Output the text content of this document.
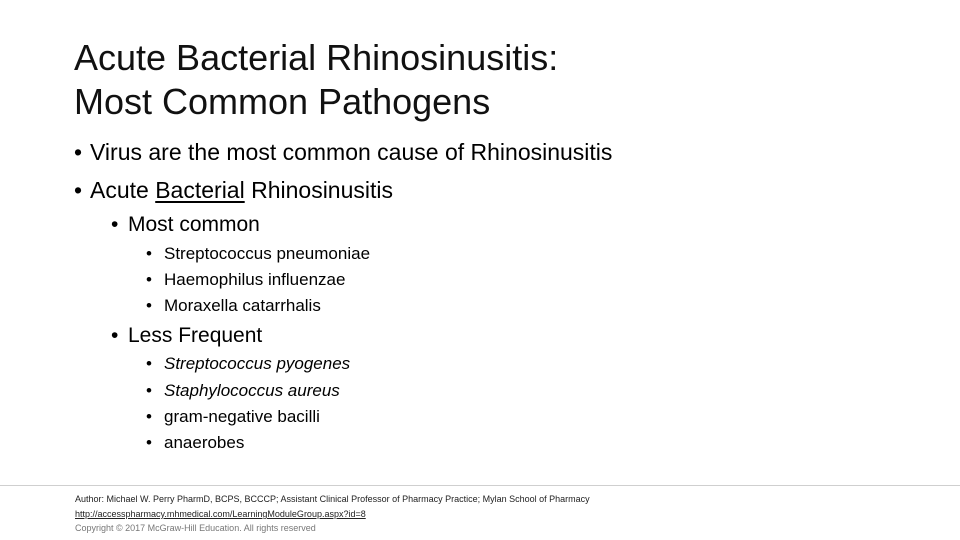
Acute Bacterial Rhinosinusitis:
Most Common Pathogens
• Virus are the most common cause of Rhinosinusitis
• Acute Bacterial Rhinosinusitis
• Most common
• Streptococcus pneumoniae
• Haemophilus influenzae
• Moraxella catarrhalis
• Less Frequent
• Streptococcus pyogenes
• Staphylococcus aureus
• gram-negative bacilli
• anaerobes
Author: Michael W. Perry PharmD, BCPS, BCCCP; Assistant Clinical Professor of Pharmacy Practice; Mylan School of Pharmacy
http://accesspharmacy.mhmedical.com/LearningModuleGroup.aspx?id=8
Copyright © 2017 McGraw-Hill Education. All rights reserved
